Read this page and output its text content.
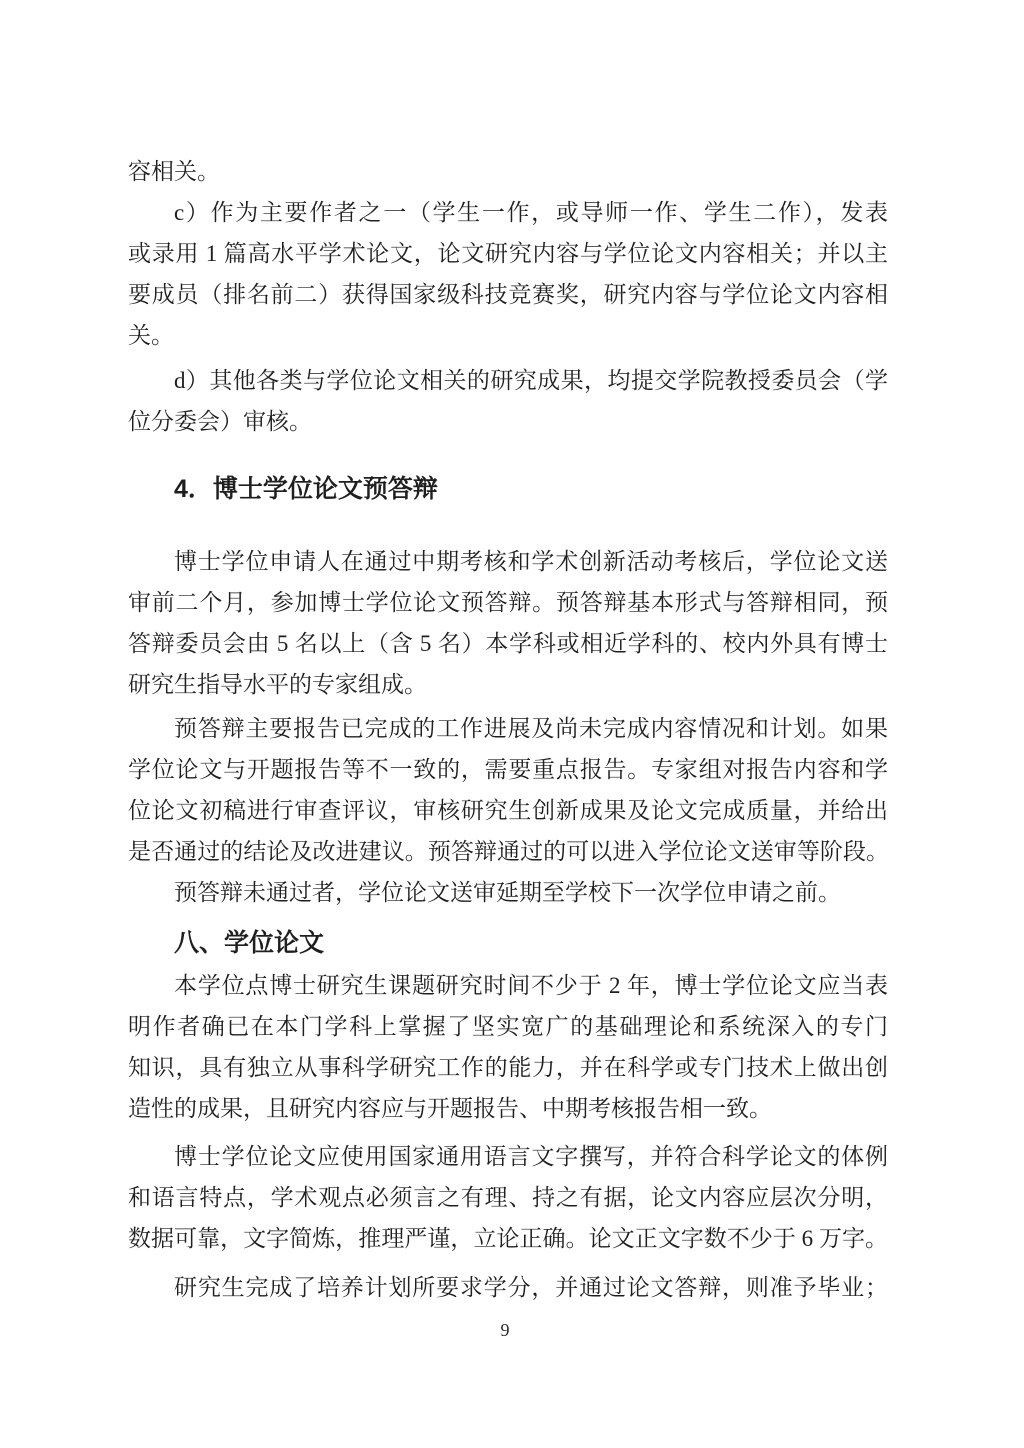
容相关。
c）作为主要作者之一（学生一作，或导师一作、学生二作），发表
或录用 1 篇高水平学术论文，论文研究内容与学位论文内容相关；并以主
要成员（排名前二）获得国家级科技竞赛奖，研究内容与学位论文内容相
关。
d）其他各类与学位论文相关的研究成果，均提交学院教授委员会（学
位分委会）审核。
4．博士学位论文预答辩
博士学位申请人在通过中期考核和学术创新活动考核后，学位论文送
审前二个月，参加博士学位论文预答辩。预答辩基本形式与答辩相同，预
答辩委员会由 5 名以上（含 5 名）本学科或相近学科的、校内外具有博士
研究生指导水平的专家组成。
预答辩主要报告已完成的工作进展及尚未完成内容情况和计划。如果
学位论文与开题报告等不一致的，需要重点报告。专家组对报告内容和学
位论文初稿进行审查评议，审核研究生创新成果及论文完成质量，并给出
是否通过的结论及改进建议。预答辩通过的可以进入学位论文送审等阶段。
预答辩未通过者，学位论文送审延期至学校下一次学位申请之前。
八、学位论文
本学位点博士研究生课题研究时间不少于 2 年，博士学位论文应当表
明作者确已在本门学科上掌握了坚实宽广的基础理论和系统深入的专门
知识，具有独立从事科学研究工作的能力，并在科学或专门技术上做出创
造性的成果，且研究内容应与开题报告、中期考核报告相一致。
博士学位论文应使用国家通用语言文字撰写，并符合科学论文的体例
和语言特点，学术观点必须言之有理、持之有据，论文内容应层次分明，
数据可靠，文字简炼，推理严谨，立论正确。论文正文字数不少于 6 万字。
研究生完成了培养计划所要求学分，并通过论文答辩，则准予毕业；
9
